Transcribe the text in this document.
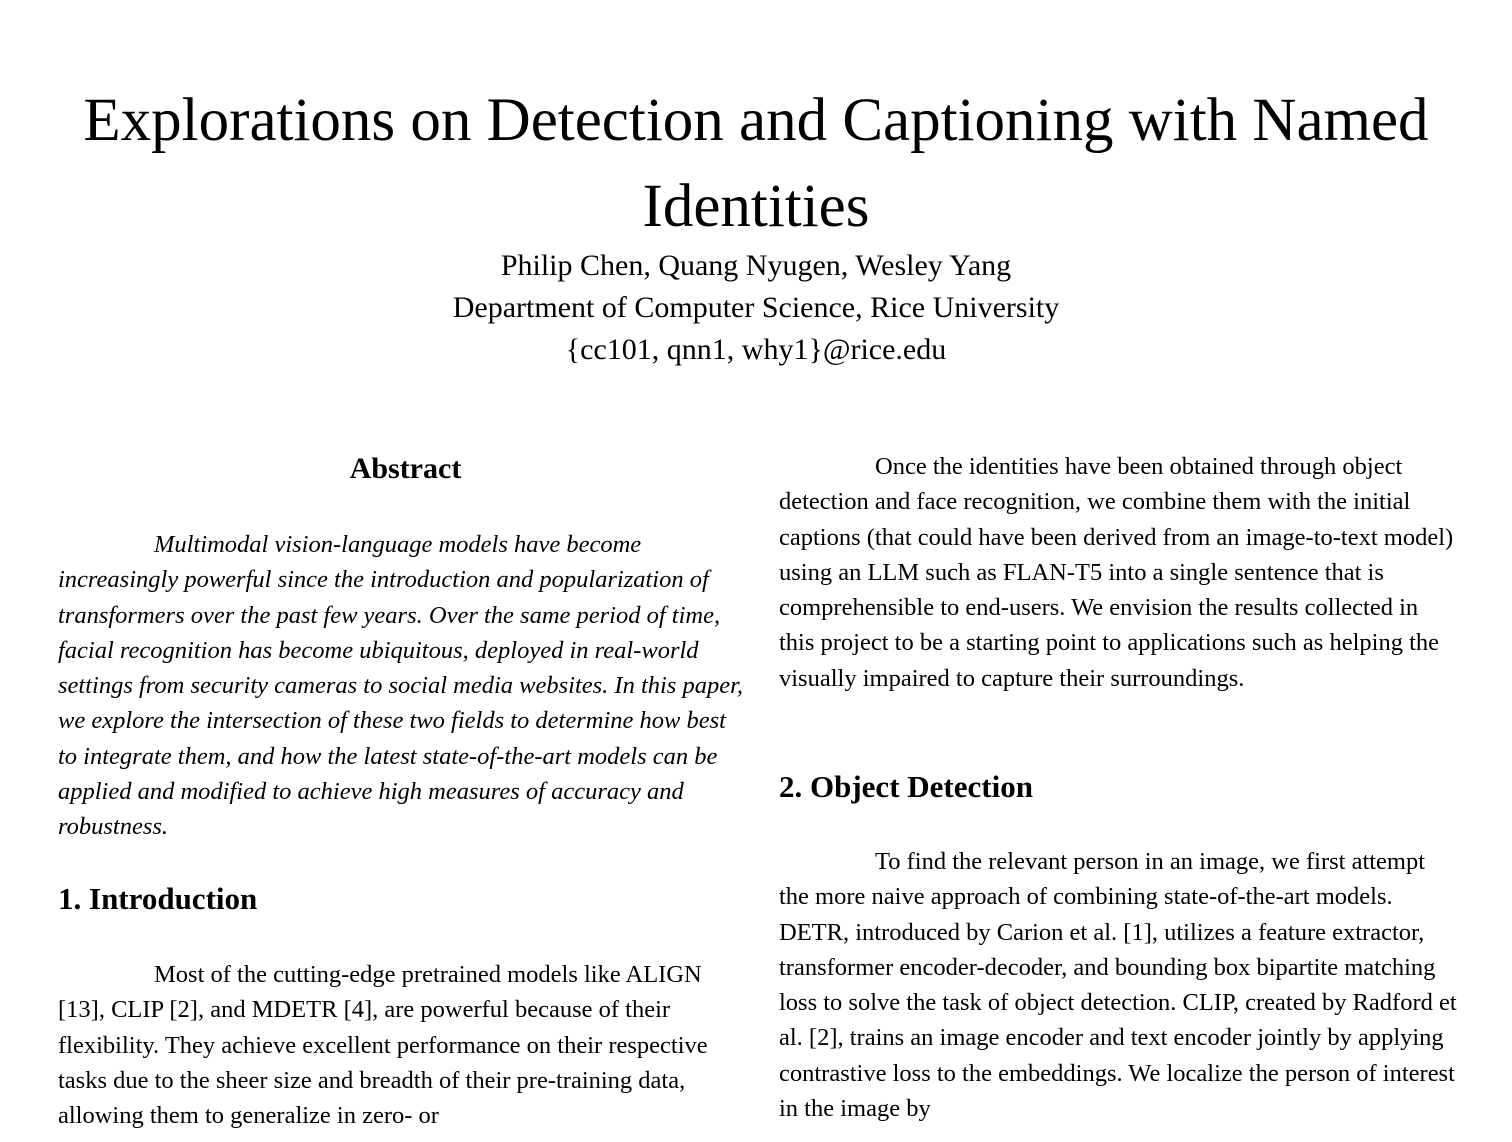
Explorations on Detection and Captioning with Named Identities

Philip Chen, Quang Nyugen, Wesley Yang

Department of Computer Science, Rice University

{cc101, qnn1, why1}@rice.edu

Abstract

Multimodal vision-language models have become increasingly powerful since the introduction and popularization of transformers over the past few years. Over the same period of time, facial recognition has become ubiquitous, deployed in real-world settings from security cameras to social media websites. In this paper, we explore the intersection of these two fields to determine how best to integrate them, and how the latest state-of-the-art models can be applied and modified to achieve high measures of accuracy and robustness.

1. Introduction

Most of the cutting-edge pretrained models like ALIGN [13], CLIP [2], and MDETR [4], are powerful because of their flexibility. They achieve excellent performance on their respective tasks due to the sheer size and breadth of their pre-training data, allowing them to generalize in zero- or

Once the identities have been obtained through object detection and face recognition, we combine them with the initial captions (that could have been derived from an image-to-text model) using an LLM such as FLAN-T5 into a single sentence that is comprehensible to end-users. We envision the results collected in this project to be a starting point to applications such as helping the visually impaired to capture their surroundings.

2. Object Detection

To find the relevant person in an image, we first attempt the more naive approach of combining state-of-the-art models. DETR, introduced by Carion et al. [1], utilizes a feature extractor, transformer encoder-decoder, and bounding box bipartite matching loss to solve the task of object detection. CLIP, created by Radford et al. [2], trains an image encoder and text encoder jointly by applying contrastive loss to the embeddings. We localize the person of interest in the image by
